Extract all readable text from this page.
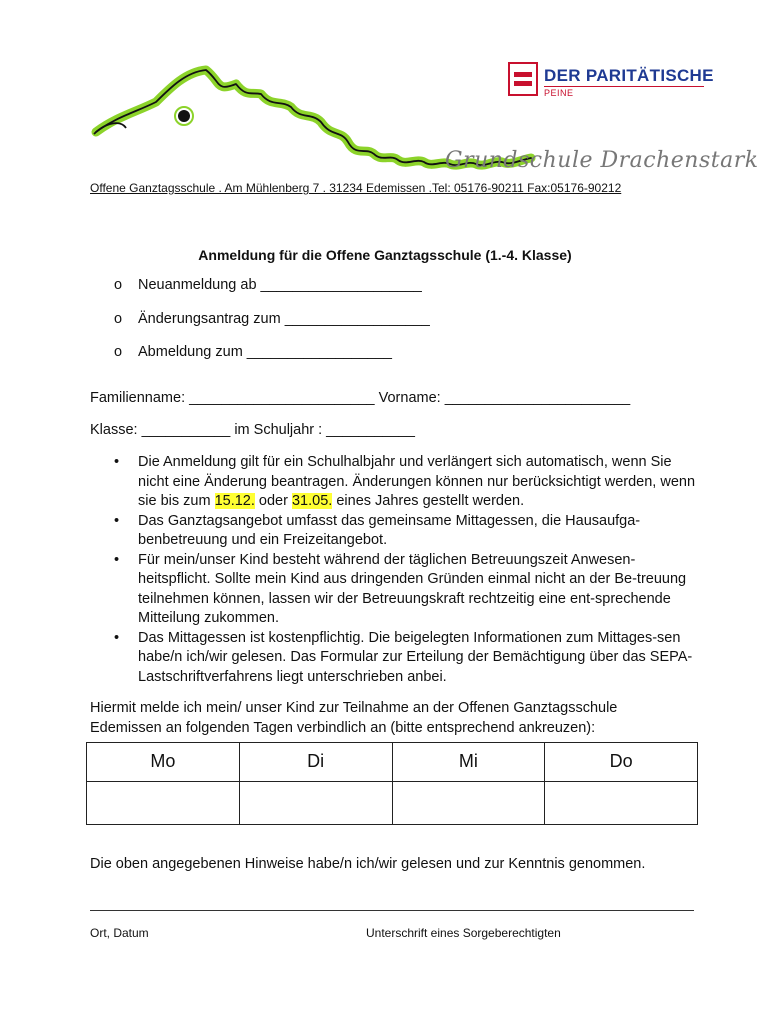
Grundschule Drachenstark
DER PARITÄTISCHE
PEINE
Offene Ganztagsschule . Am Mühlenberg 7 . 31234 Edemissen .Tel: 05176-90211 Fax:05176-90212
Anmeldung für die Offene Ganztagsschule (1.-4. Klasse)
o Neuanmeldung ab ____________________
o Änderungsantrag zum __________________
o Abmeldung zum __________________
Familienname: _______________________ Vorname: _______________________
Klasse: ___________ im Schuljahr : ___________
• Die Anmeldung gilt für ein Schulhalbjahr und verlängert sich automatisch, wenn Sie nicht eine Änderung beantragen. Änderungen können nur berücksichtigt werden, wenn sie bis zum 15.12. oder 31.05. eines Jahres gestellt werden.
• Das Ganztagsangebot umfasst das gemeinsame Mittagessen, die Hausaufga-benbetreuung und ein Freizeitangebot.
• Für mein/unser Kind besteht während der täglichen Betreuungszeit Anwesen-heitspflicht. Sollte mein Kind aus dringenden Gründen einmal nicht an der Be-treuung teilnehmen können, lassen wir der Betreuungskraft rechtzeitig eine ent-sprechende Mitteilung zukommen.
• Das Mittagessen ist kostenpflichtig. Die beigelegten Informationen zum Mittages-sen habe/n ich/wir gelesen. Das Formular zur Erteilung der Bemächtigung über das SEPA-Lastschriftverfahrens liegt unterschrieben anbei.
Hiermit melde ich mein/ unser Kind zur Teilnahme an der Offenen Ganztagsschule Edemissen an folgenden Tagen verbindlich an (bitte entsprechend ankreuzen):
Mo	Di	Mi	Do

Die oben angegebenen Hinweise habe/n ich/wir gelesen und zur Kenntnis genommen.
Ort, Datum	Unterschrift eines Sorgeberechtigten
